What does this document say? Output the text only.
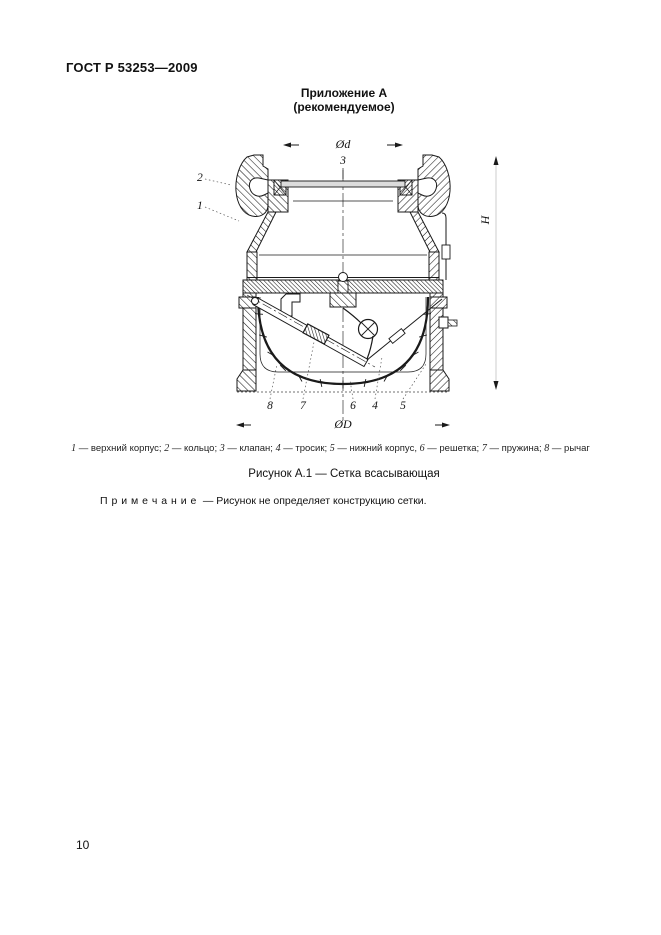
ГОСТ Р 53253—2009
Приложение А
(рекомендуемое)
Ød
H
ØD
3
2
1
8 7	6 4 5
1 — верхний корпус; 2 — кольцо; 3 — клапан; 4 — тросик; 5 — нижний корпус, 6 — решетка; 7 — пружина; 8 — рычаг
Рисунок А.1 — Сетка всасывающая
П р и м е ч а н и е — Рисунок не определяет конструкцию сетки.
10
